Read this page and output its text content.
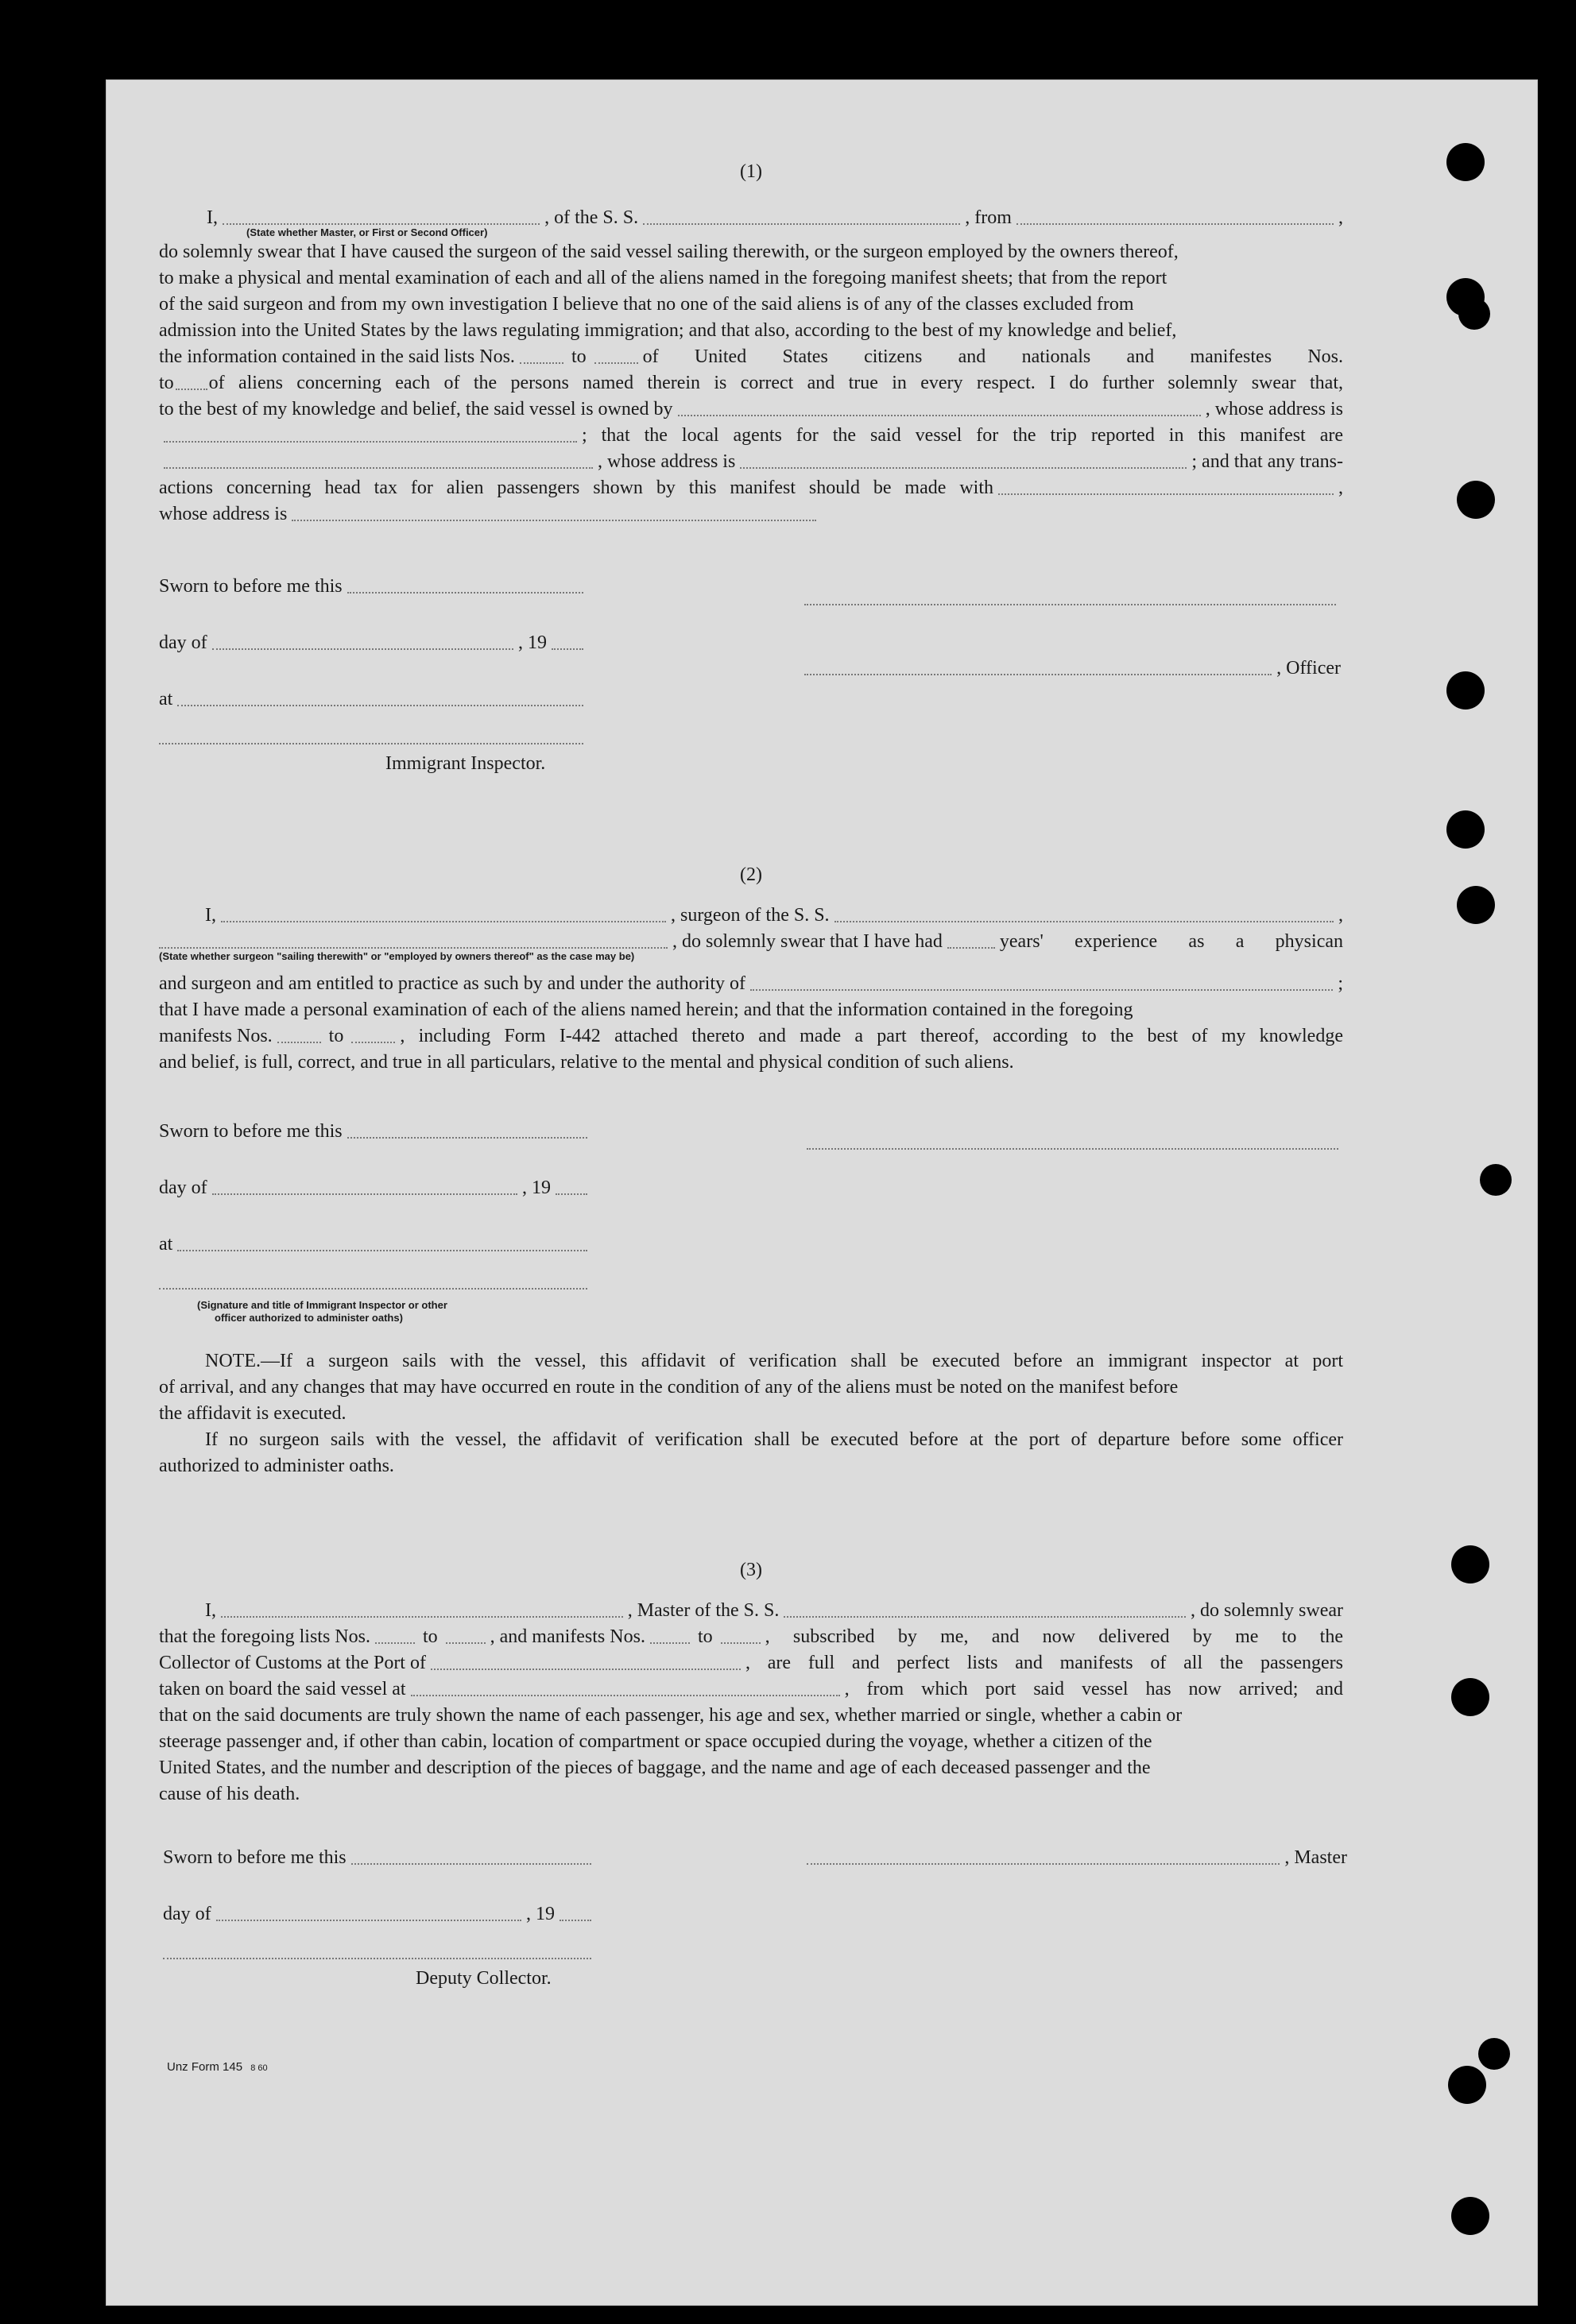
(1)
I,	, of the S. S.	, from	,
(State whether Master, or First or Second Officer)
do solemnly swear that I have caused the surgeon of the said vessel sailing therewith, or the surgeon employed by the owners thereof,
to make a physical and mental examination of each and all of the aliens named in the foregoing manifest sheets; that from the report
of the said surgeon and from my own investigation I believe that no one of the said aliens is of any of the classes excluded from
admission into the United States by the laws regulating immigration; and that also, according to the best of my knowledge and belief,
the information contained in the said lists Nos.	to	of United States citizens and nationals and manifestes Nos.
to of aliens concerning each of the persons named therein is correct and true in every respect. I do further solemnly swear that,
to the best of my knowledge and belief, the said vessel is owned by	, whose address is
; that the local agents for the said vessel for the trip reported in this manifest are
, whose address is	; and that any trans-
actions concerning head tax for alien passengers shown by this manifest should be made with	,
whose address is
Sworn to before me this
day of	, 19
at
Immigrant Inspector.
, Officer
(2)
I,	, surgeon of the S. S.	,
, do solemnly swear that I have had	years' experience as a physican
(State whether surgeon "sailing therewith" or "employed by owners thereof" as the case may be)
and surgeon and am entitled to practice as such by and under the authority of	;
that I have made a personal examination of each of the aliens named herein; and that the information contained in the foregoing
manifests Nos.	to	, including Form I-442 attached thereto and made a part thereof, according to the best of my knowledge
and belief, is full, correct, and true in all particulars, relative to the mental and physical condition of such aliens.
Sworn to before me this
day of	, 19
at
(Signature and title of Immigrant Inspector or other
officer authorized to administer oaths)
NOTE.—If a surgeon sails with the vessel, this affidavit of verification shall be executed before an immigrant inspector at port
of arrival, and any changes that may have occurred en route in the condition of any of the aliens must be noted on the manifest before
the affidavit is executed.
If no surgeon sails with the vessel, the affidavit of verification shall be executed before at the port of departure before some officer
authorized to administer oaths.
(3)
I,	, Master of the S. S.	, do solemnly swear
that the foregoing lists Nos.	to	, and manifests Nos.	to	, subscribed by me, and now delivered by me to the
Collector of Customs at the Port of	, are full and perfect lists and manifests of all the passengers
taken on board the said vessel at	, from which port said vessel has now arrived; and
that on the said documents are truly shown the name of each passenger, his age and sex, whether married or single, whether a cabin or
steerage passenger and, if other than cabin, location of compartment or space occupied during the voyage, whether a citizen of the
United States, and the number and description of the pieces of baggage, and the name and age of each deceased passenger and the
cause of his death.
Sworn to before me this
day of	, 19
Deputy Collector.
, Master
Unz Form 145 8 60
